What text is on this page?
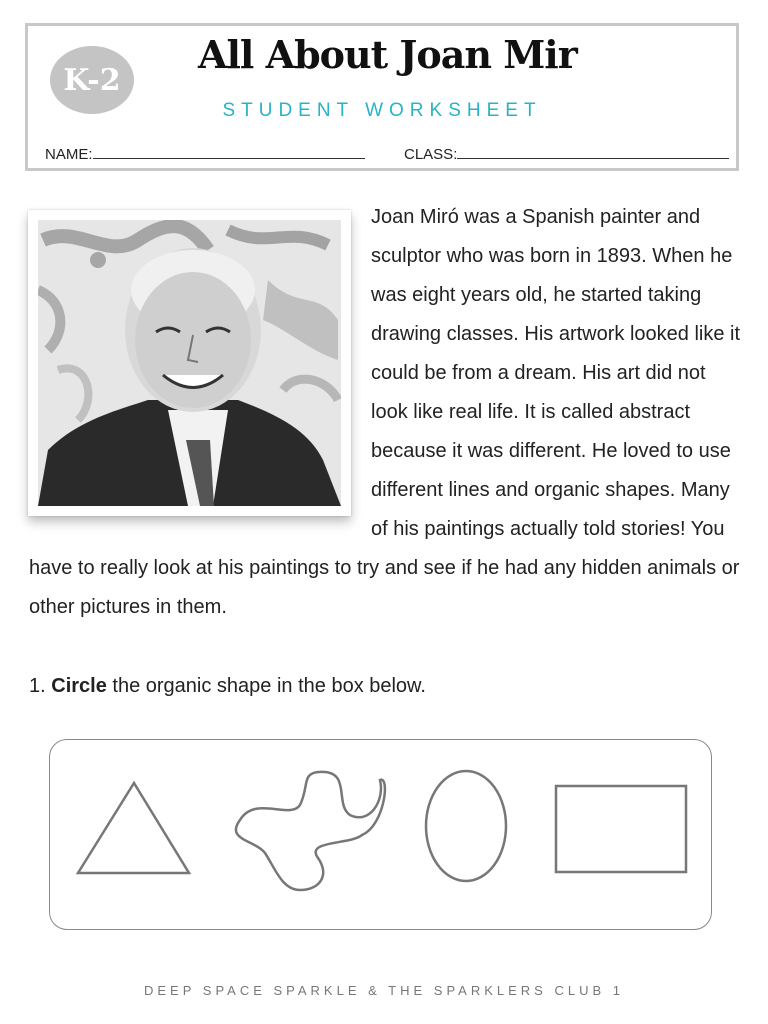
K-2
All About Joan Mir
STUDENT WORKSHEET
NAME:	CLASS:

Joan Miró was a Spanish painter and sculptor who was born in 1893. When he was eight years old, he started taking drawing classes. His artwork looked like it could be from a dream. His art did not look like real life. It is called abstract because it was different. He loved to use different lines and organic shapes. Many of his paintings actually told stories! You have to really look at his paintings to try and see if he had any hidden animals or other pictures in them.

1. Circle the organic shape in the box below.

DEEP SPACE SPARKLE & THE SPARKLERS CLUB 1
